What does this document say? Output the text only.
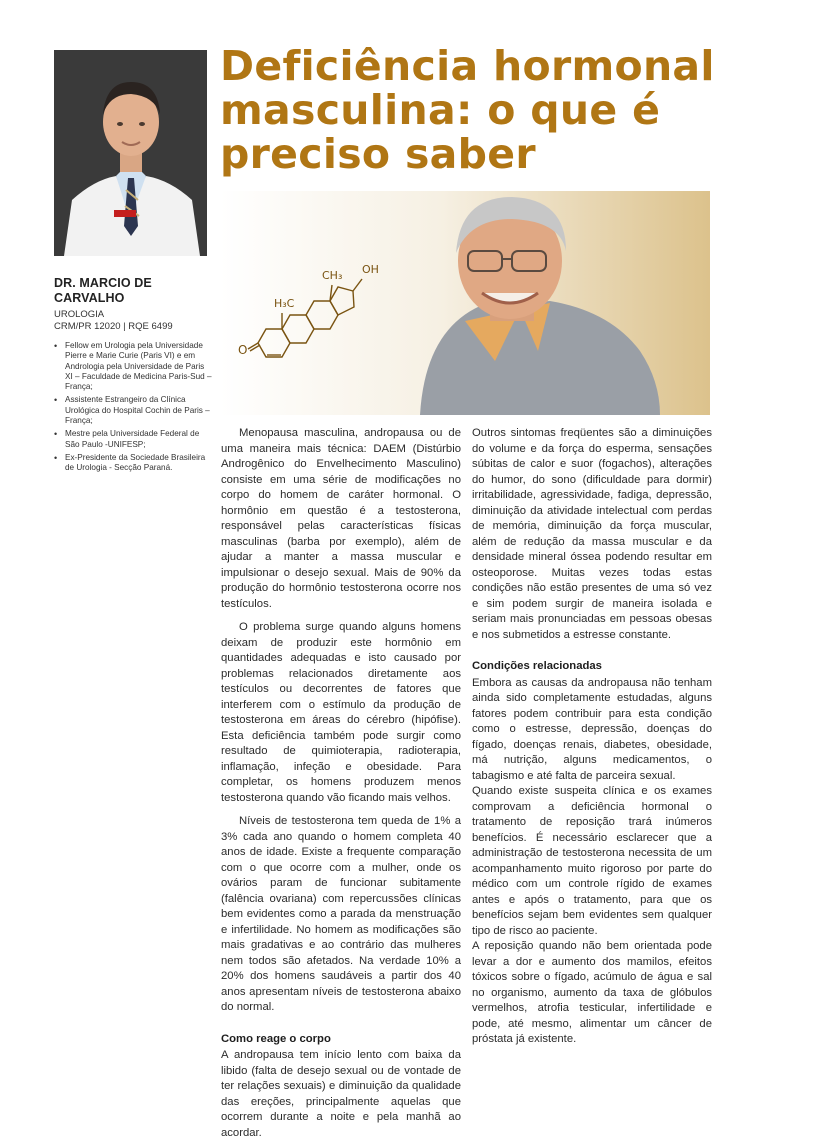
DR. MARCIO DE CARVALHO
UROLOGIA
CRM/PR 12020 | RQE 6499
• Fellow em Urologia pela Universidade Pierre e Marie Curie (Paris VI) e em Andrologia pela Universidade de Paris XI – Faculdade de Medicina Paris-Sud – França;
• Assistente Estrangeiro da Clínica Urológica do Hospital Cochin de Paris – França;
• Mestre pela Universidade Federal de São Paulo -UNIFESP;
• Ex-Presidente da Sociedade Brasileira de Urologia - Secção Paraná.
Deficiência hormonal masculina: o que é preciso saber
O
H₃C
CH₃ OH

Menopausa masculina, andropausa ou de uma maneira mais técnica: DAEM (Distúrbio Androgênico do Envelhecimento Masculino) consiste em uma série de modificações no corpo do homem de caráter hormonal. O hormônio em questão é a testosterona, responsável pelas características físicas masculinas (barba por exemplo), além de ajudar a manter a massa muscular e impulsionar o desejo sexual. Mais de 90% da produção do hormônio testosterona ocorre nos testículos.

O problema surge quando alguns homens deixam de produzir este hormônio em quantidades adequadas e isto causado por problemas relacionados diretamente aos testículos ou decorrentes de fatores que interferem com o estímulo da produção de testosterona em áreas do cérebro (hipófise). Esta deficiência também pode surgir como resultado de quimioterapia, radioterapia, inflamação, infeção e obesidade. Para completar, os homens produzem menos testosterona quando vão ficando mais velhos.

Níveis de testosterona tem queda de 1% a 3% cada ano quando o homem completa 40 anos de idade. Existe a frequente comparação com o que ocorre com a mulher, onde os ovários param de funcionar subitamente (falência ovariana) com repercussões clínicas bem evidentes como a parada da menstruação e infertilidade. No homem as modificações são mais gradativas e ao contrário das mulheres nem todos são afetados. Na verdade 10% a 20% dos homens saudáveis a partir dos 40 anos apresentam níveis de testosterona abaixo do normal.

Como reage o corpo

A andropausa tem início lento com baixa da libido (falta de desejo sexual ou de vontade de ter relações sexuais) e diminuição da qualidade das ereções, principalmente aquelas que ocorrem durante a noite e pela manhã ao acordar.

Outros sintomas freqüentes são a diminuições do volume e da força do esperma, sensações súbitas de calor e suor (fogachos), alterações do humor, do sono (dificuldade para dormir) irritabilidade, agressividade, fadiga, depressão, diminuição da atividade intelectual com perdas de memória, diminuição da força muscular, além de redução da massa muscular e da densidade mineral óssea podendo resultar em osteoporose. Muitas vezes todas estas condições não estão presentes de uma só vez e sim podem surgir de maneira isolada e seriam mais pronunciadas em pessoas obesas e nos submetidos a estresse constante.

Condições relacionadas

Embora as causas da andropausa não tenham ainda sido completamente estudadas, alguns fatores podem contribuir para esta condição como o estresse, depressão, doenças do fígado, doenças renais, diabetes, obesidade, má nutrição, alguns medicamentos, o tabagismo e até falta de parceira sexual.

Quando existe suspeita clínica e os exames comprovam a deficiência hormonal o tratamento de reposição trará inúmeros benefícios. É necessário esclarecer que a administração de testosterona necessita de um acompanhamento muito rigoroso por parte do médico com um controle rígido de exames antes e após o tratamento, para que os benefícios sejam bem evidentes sem qualquer tipo de risco ao paciente.

A reposição quando não bem orientada pode levar a dor e aumento dos mamilos, efeitos tóxicos sobre o fígado, acúmulo de água e sal no organismo, aumento da taxa de glóbulos vermelhos, atrofia testicular, infertilidade e pode, até mesmo, alimentar um câncer de próstata já existente.
